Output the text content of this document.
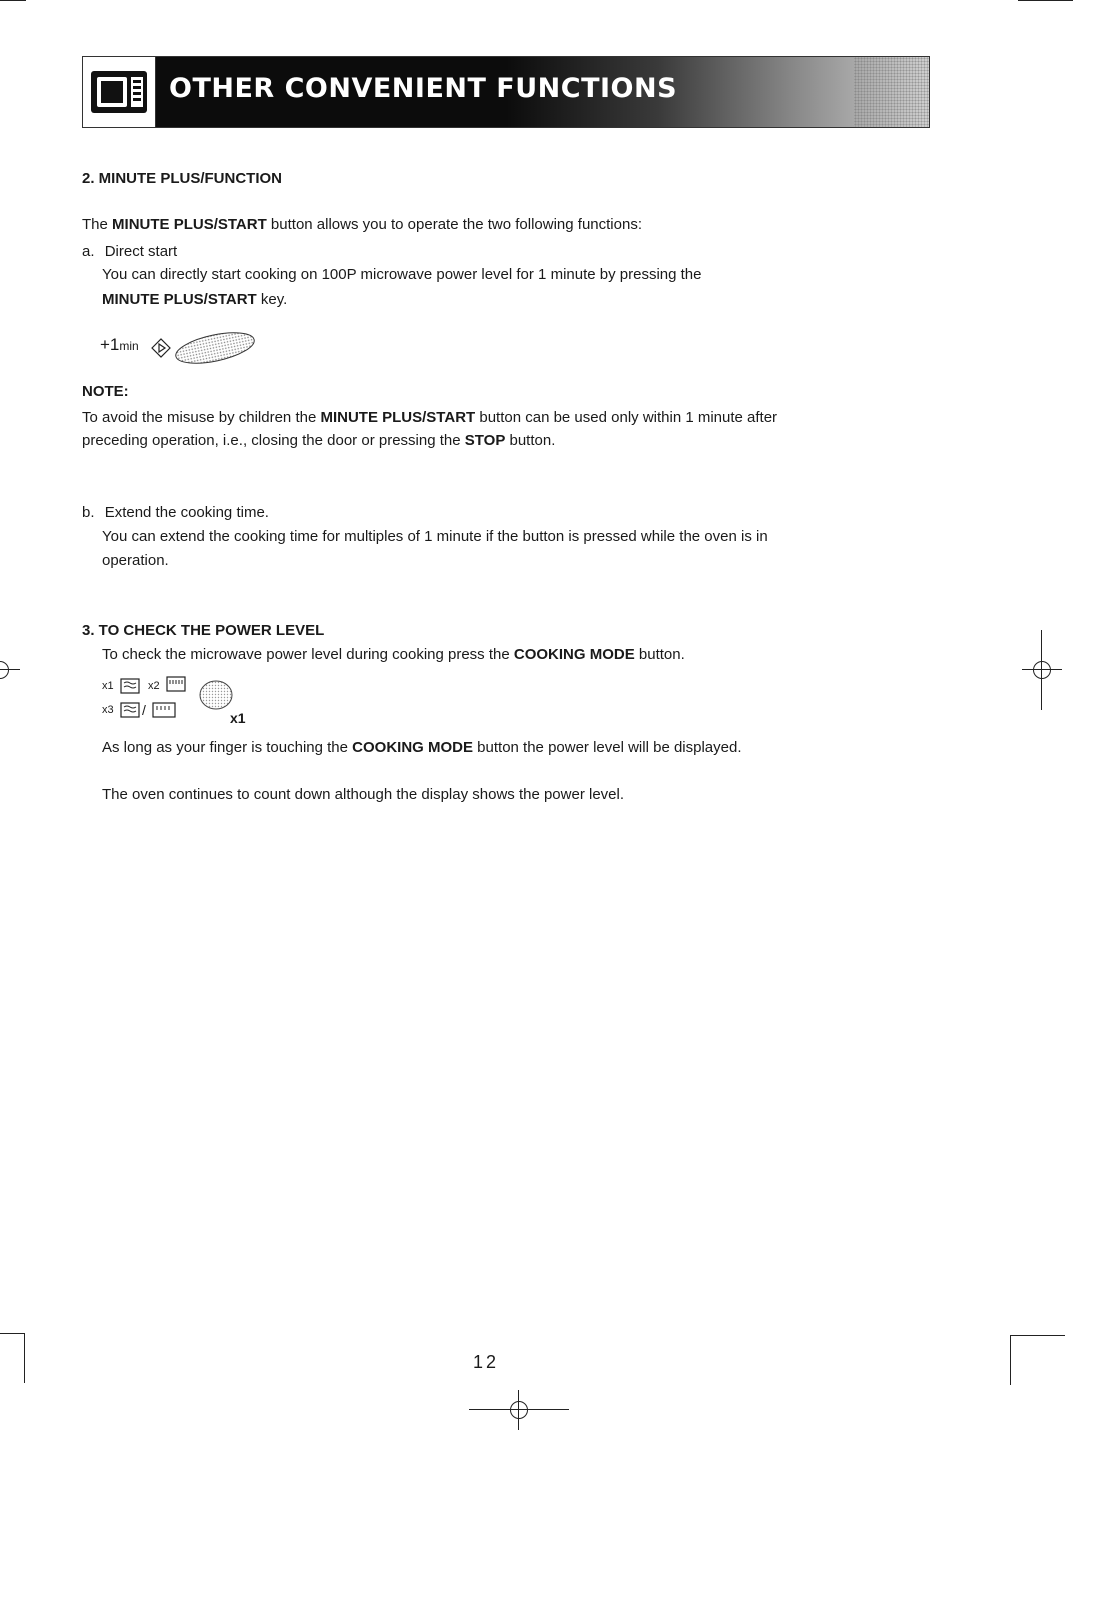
OTHER CONVENIENT FUNCTIONS
2. MINUTE PLUS/FUNCTION
The MINUTE PLUS/START button allows you to operate the two following functions:
a. Direct start
You can directly start cooking on 100P microwave power level for 1 minute by pressing the
MINUTE PLUS/START key.
+1min
NOTE:
To avoid the misuse by children the MINUTE PLUS/START button can be used only within 1 minute after
preceding operation, i.e., closing the door or pressing the STOP button.
b. Extend the cooking time.
You can extend the cooking time for multiples of 1 minute if the button is pressed while the oven is in
operation.
3. TO CHECK THE POWER LEVEL
To check the microwave power level during cooking press the COOKING MODE button.
x1	x2
x3 /	x1
As long as your finger is touching the COOKING MODE button the power level will be displayed.
The oven continues to count down although the display shows the power level.
12
